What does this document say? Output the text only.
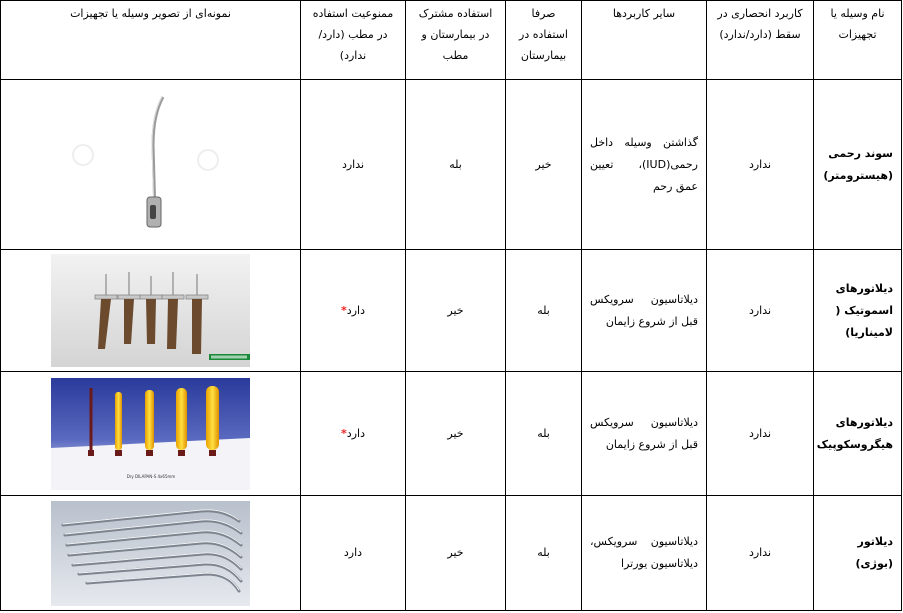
نام وسیله یا تجهیزات	کاربرد انحصاری در سقط (دارد/ندارد)	سایر کاربردها	صرفا استفاده در بیمارستان	استفاده مشترک در بیمارستان و مطب	ممنوعیت استفاده در مطب (دارد/ندارد)	نمونه‌ای از تصویر وسیله یا تجهیزات
سوند رحمی (هیسترومتر)	ندارد	گذاشتن وسیله داخل رحمی(IUD)، تعیین عمق رحم	خیر	بله	ندارد	

دیلاتورهای اسموتیک ( لامیناریا)	ندارد	دیلاتاسیون سرویکس قبل از شروع زایمان	بله	خیر	دارد*	

دیلاتورهای هیگروسکوپیک	ندارد	دیلاتاسیون سرویکس قبل از شروع زایمان	بله	خیر	دارد*	Dry DILAPAN-S 4x65mm

دیلاتور (بوژی)	ندارد	دیلاتاسیون سرویکس، دیلاتاسیون یورترا	بله	خیر	دارد	
